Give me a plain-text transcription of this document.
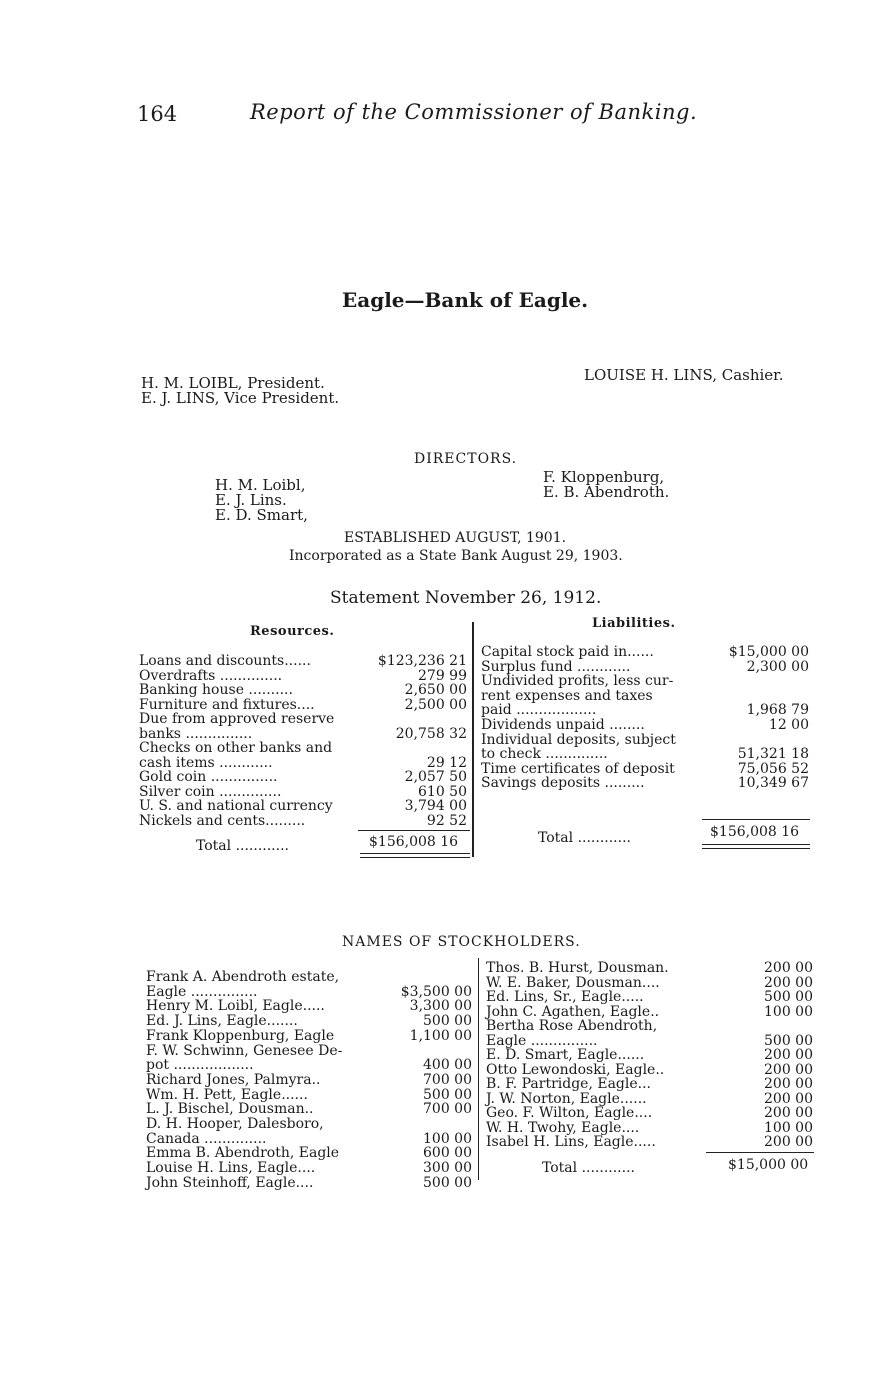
164	Report of the Commissioner of Banking.
Eagle—Bank of Eagle.
H. M. LOIBL, President.
E. J. LINS, Vice President.
LOUISE H. LINS, Cashier.
DIRECTORS.
H. M. Loibl,
E. J. Lins.
E. D. Smart,
F. Kloppenburg,
E. B. Abendroth.
ESTABLISHED AUGUST, 1901.
Incorporated as a State Bank August 29, 1903.
Statement November 26, 1912.
Resources.
Loans and discounts......	$123,236 21
Overdrafts ..............	279 99
Banking house ..........	2,650 00
Furniture and fixtures....	2,500 00
Due from approved reserve
banks ...............	20,758 32
Checks on other banks and
cash items ............	29 12
Gold coin ...............	2,057 50
Silver coin ..............	610 50
U. S. and national currency	3,794 00
Nickels and cents.........	92 52
Total ............	$156,008 16
Liabilities.
Capital stock paid in......	$15,000 00
Surplus fund ............	2,300 00
Undivided profits, less cur-
rent expenses and taxes
paid ..................	1,968 79
Dividends unpaid ........	12 00
Individual deposits, subject
to check ..............	51,321 18
Time certificates of deposit	75,056 52
Savings deposits .........	10,349 67
Total ............	$156,008 16
NAMES OF STOCKHOLDERS.
Frank A. Abendroth estate,
Eagle ...............	$3,500 00
Henry M. Loibl, Eagle.....	3,300 00
Ed. J. Lins, Eagle.......	500 00
Frank Kloppenburg, Eagle	1,100 00
F. W. Schwinn, Genesee De-
pot ..................	400 00
Richard Jones, Palmyra..	700 00
Wm. H. Pett, Eagle......	500 00
L. J. Bischel, Dousman..	700 00
D. H. Hooper, Dalesboro,
Canada ..............	100 00
Emma B. Abendroth, Eagle	600 00
Louise H. Lins, Eagle....	300 00
John Steinhoff, Eagle....	500 00
Thos. B. Hurst, Dousman.	200 00
W. E. Baker, Dousman....	200 00
Ed. Lins, Sr., Eagle.....	500 00
John C. Agathen, Eagle..	100 00
Bertha Rose Abendroth,
Eagle ...............	500 00
E. D. Smart, Eagle......	200 00
Otto Lewondoski, Eagle..	200 00
B. F. Partridge, Eagle...	200 00
J. W. Norton, Eagle......	200 00
Geo. F. Wilton, Eagle....	200 00
W. H. Twohy, Eagle....	100 00
Isabel H. Lins, Eagle.....	200 00
Total ............	$15,000 00
